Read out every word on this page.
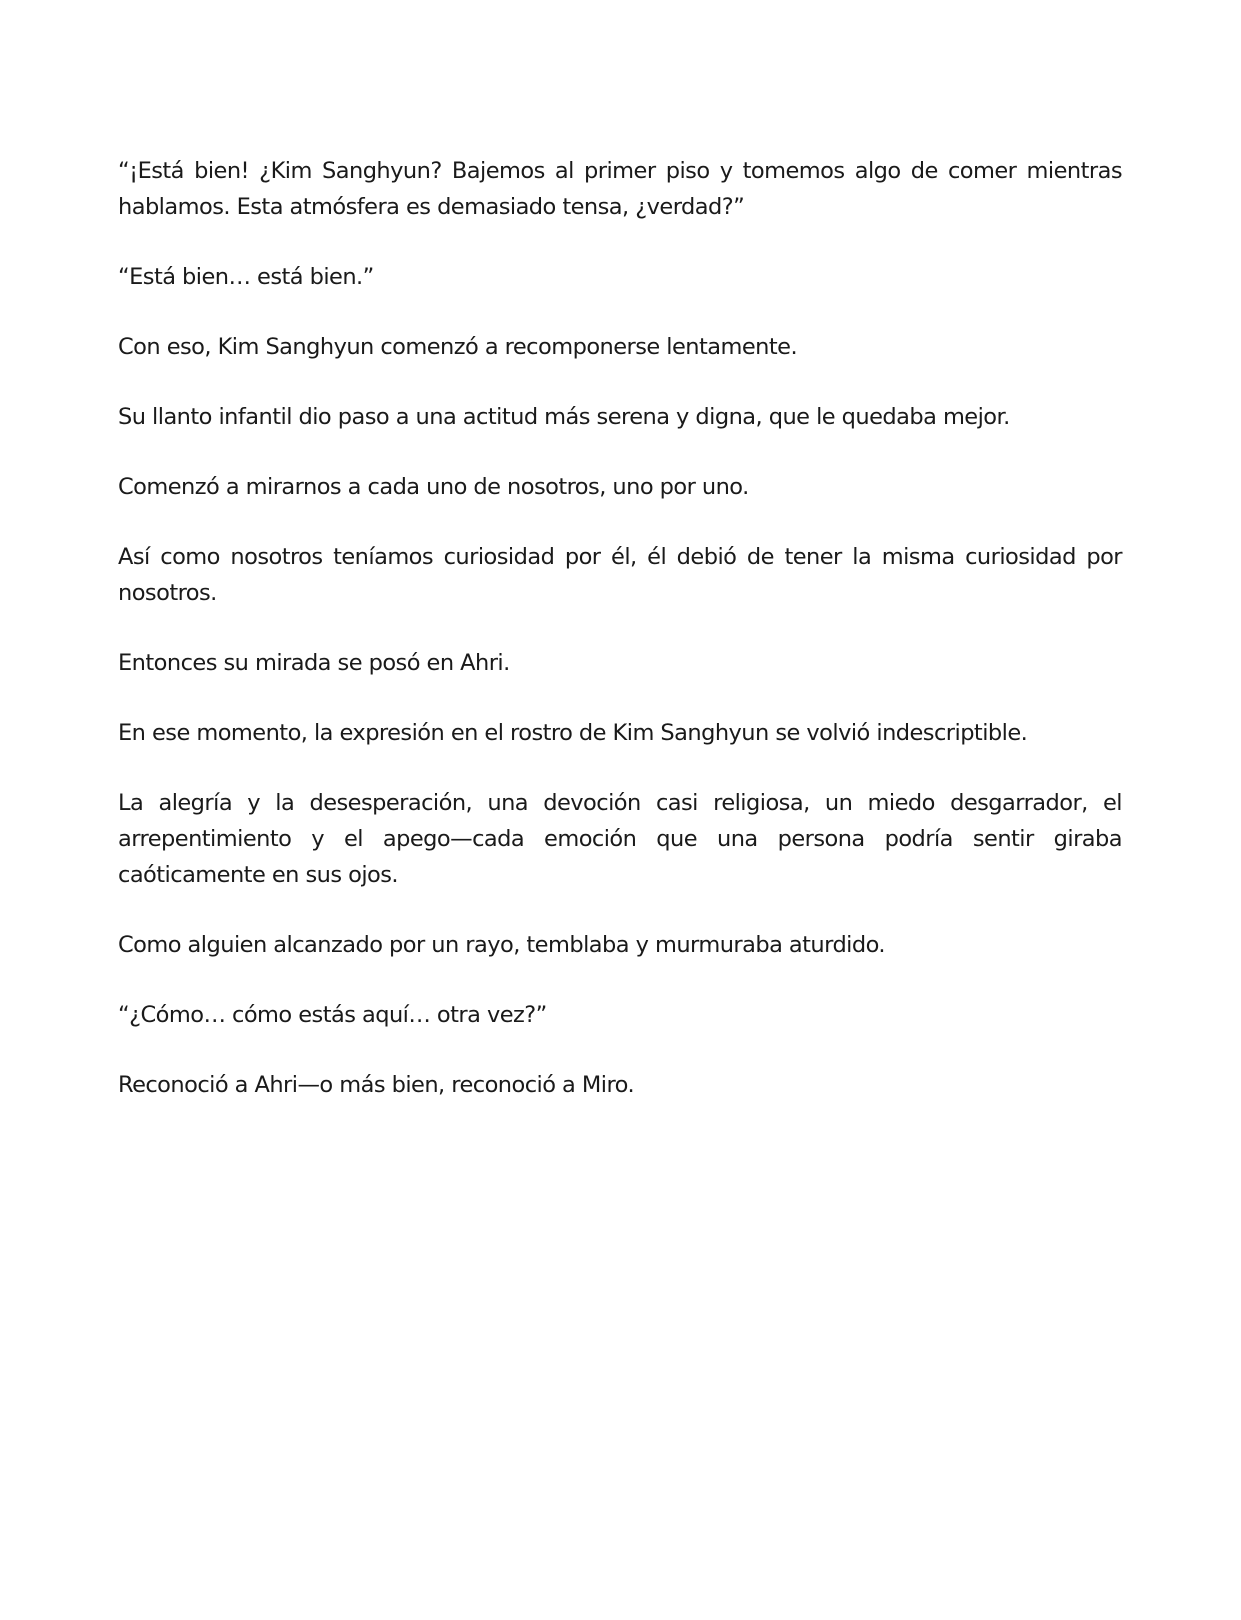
“¡Está bien! ¿Kim Sanghyun? Bajemos al primer piso y tomemos algo de comer mientras hablamos. Esta atmósfera es demasiado tensa, ¿verdad?”

“Está bien… está bien.”

Con eso, Kim Sanghyun comenzó a recomponerse lentamente.

Su llanto infantil dio paso a una actitud más serena y digna, que le quedaba mejor.

Comenzó a mirarnos a cada uno de nosotros, uno por uno.

Así como nosotros teníamos curiosidad por él, él debió de tener la misma curiosidad por nosotros.

Entonces su mirada se posó en Ahri.

En ese momento, la expresión en el rostro de Kim Sanghyun se volvió indescriptible.

La alegría y la desesperación, una devoción casi religiosa, un miedo desgarrador, el arrepentimiento y el apego—cada emoción que una persona podría sentir giraba caóticamente en sus ojos.

Como alguien alcanzado por un rayo, temblaba y murmuraba aturdido.

“¿Cómo… cómo estás aquí… otra vez?”

Reconoció a Ahri—o más bien, reconoció a Miro.
